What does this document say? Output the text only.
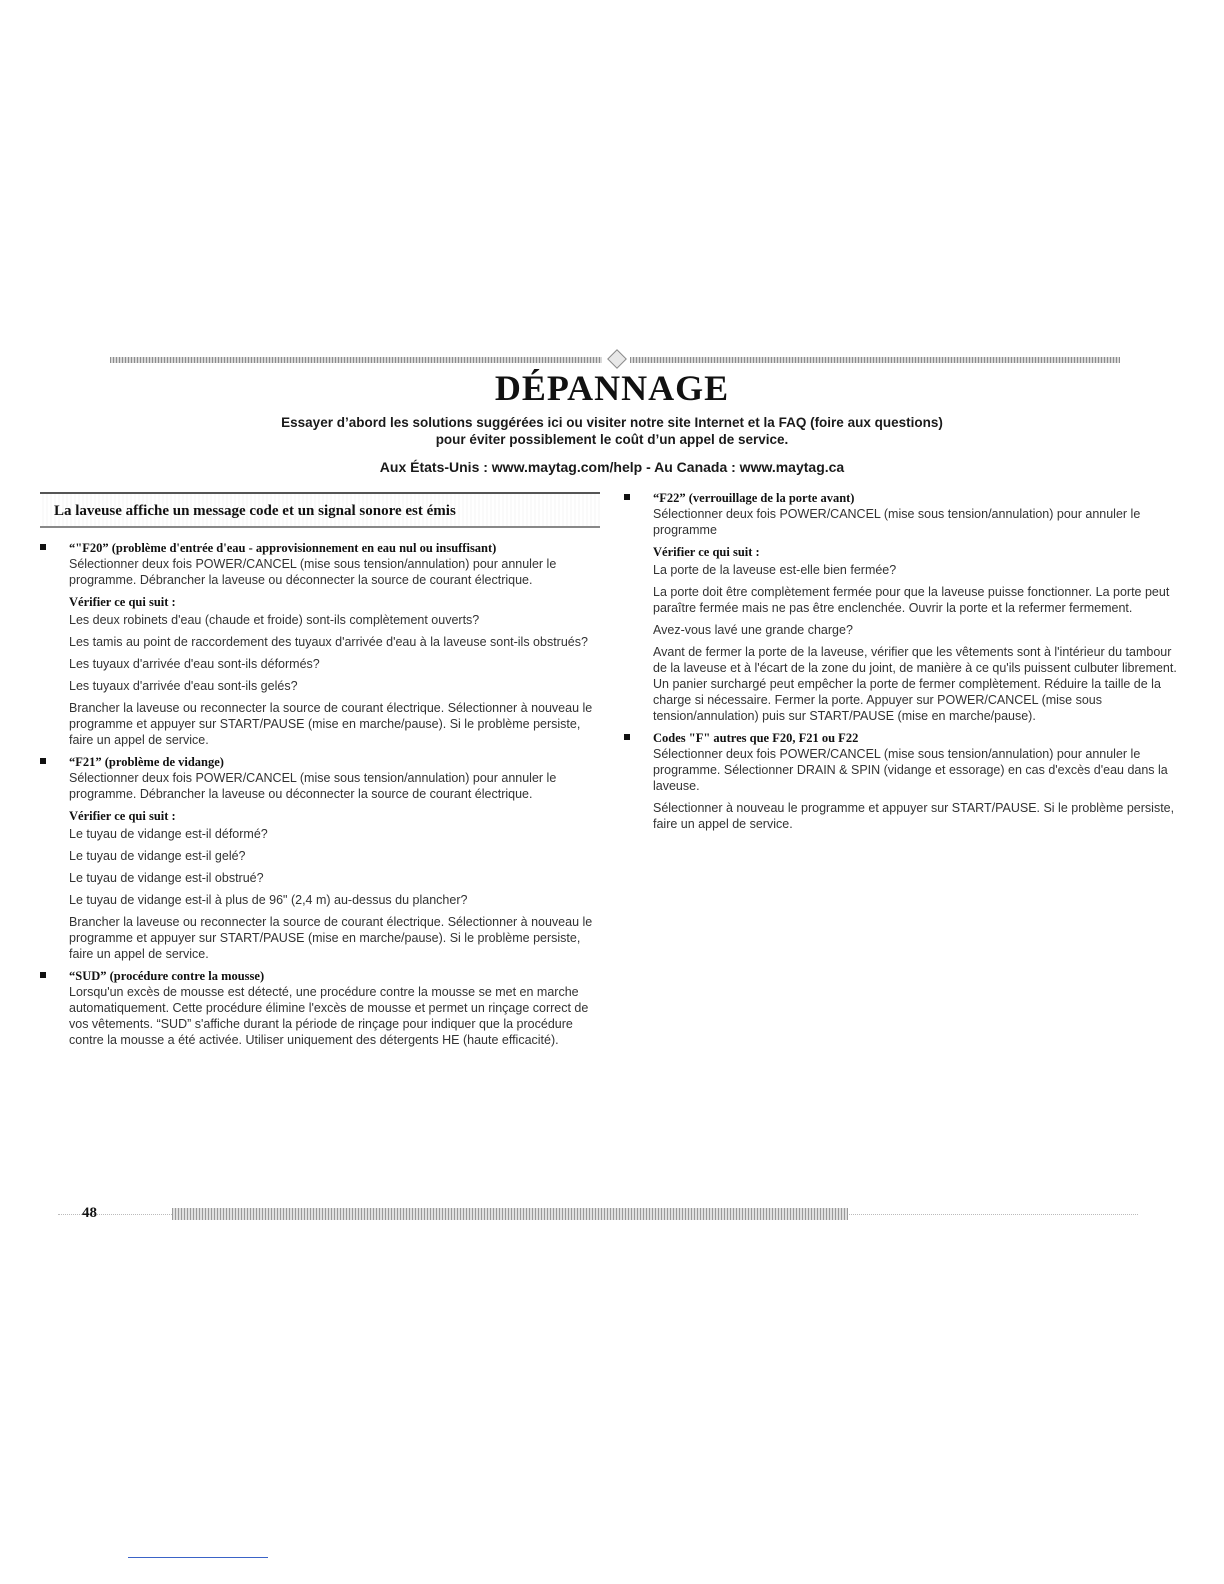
DÉPANNAGE
Essayer d’abord les solutions suggérées ici ou visiter notre site Internet et la FAQ (foire aux questions)
pour éviter possiblement le coût d’un appel de service.
Aux États-Unis : www.maytag.com/help - Au Canada : www.maytag.ca
La laveuse affiche un message code et un signal sonore est émis
“"F20” (problème d'entrée d'eau - approvisionnement en eau nul ou insuffisant)

Sélectionner deux fois POWER/CANCEL (mise sous tension/annulation) pour annuler le programme. Débrancher la laveuse ou déconnecter la source de courant électrique.

Vérifier ce qui suit :

Les deux robinets d'eau (chaude et froide) sont-ils complètement ouverts?

Les tamis au point de raccordement des tuyaux d'arrivée d'eau à la laveuse sont-ils obstrués?

Les tuyaux d'arrivée d'eau sont-ils déformés?

Les tuyaux d'arrivée d'eau sont-ils gelés?

Brancher la laveuse ou reconnecter la source de courant électrique. Sélectionner à nouveau le programme et appuyer sur START/PAUSE (mise en marche/pause). Si le problème persiste, faire un appel de service.

“F21” (problème de vidange)

Sélectionner deux fois POWER/CANCEL (mise sous tension/annulation) pour annuler le programme. Débrancher la laveuse ou déconnecter la source de courant électrique.

Vérifier ce qui suit :

Le tuyau de vidange est-il déformé?

Le tuyau de vidange est-il gelé?

Le tuyau de vidange est-il obstrué?

Le tuyau de vidange est-il à plus de 96" (2,4 m) au-dessus du plancher?

Brancher la laveuse ou reconnecter la source de courant électrique. Sélectionner à nouveau le programme et appuyer sur START/PAUSE (mise en marche/pause). Si le problème persiste, faire un appel de service.

“SUD” (procédure contre la mousse)

Lorsqu'un excès de mousse est détecté, une procédure contre la mousse se met en marche automatiquement. Cette procédure élimine l'excès de mousse et permet un rinçage correct de vos vêtements. “SUD” s'affiche durant la période de rinçage pour indiquer que la procédure contre la mousse a été activée. Utiliser uniquement des détergents HE (haute efficacité).

“F22” (verrouillage de la porte avant)

Sélectionner deux fois POWER/CANCEL (mise sous tension/annulation) pour annuler le programme

Vérifier ce qui suit :

La porte de la laveuse est-elle bien fermée?

La porte doit être complètement fermée pour que la laveuse puisse fonctionner. La porte peut paraître fermée mais ne pas être enclenchée. Ouvrir la porte et la refermer fermement.

Avez-vous lavé une grande charge?

Avant de fermer la porte de la laveuse, vérifier que les vêtements sont à l'intérieur du tambour de la laveuse et à l'écart de la zone du joint, de manière à ce qu'ils puissent culbuter librement. Un panier surchargé peut empêcher la porte de fermer complètement. Réduire la taille de la charge si nécessaire. Fermer la porte. Appuyer sur POWER/CANCEL (mise sous tension/annulation) puis sur START/PAUSE (mise en marche/pause).

Codes "F" autres que F20, F21 ou F22

Sélectionner deux fois POWER/CANCEL (mise sous tension/annulation) pour annuler le programme. Sélectionner DRAIN & SPIN (vidange et essorage) en cas d'excès d'eau dans la laveuse.

Sélectionner à nouveau le programme et appuyer sur START/PAUSE. Si le problème persiste, faire un appel de service.

48
